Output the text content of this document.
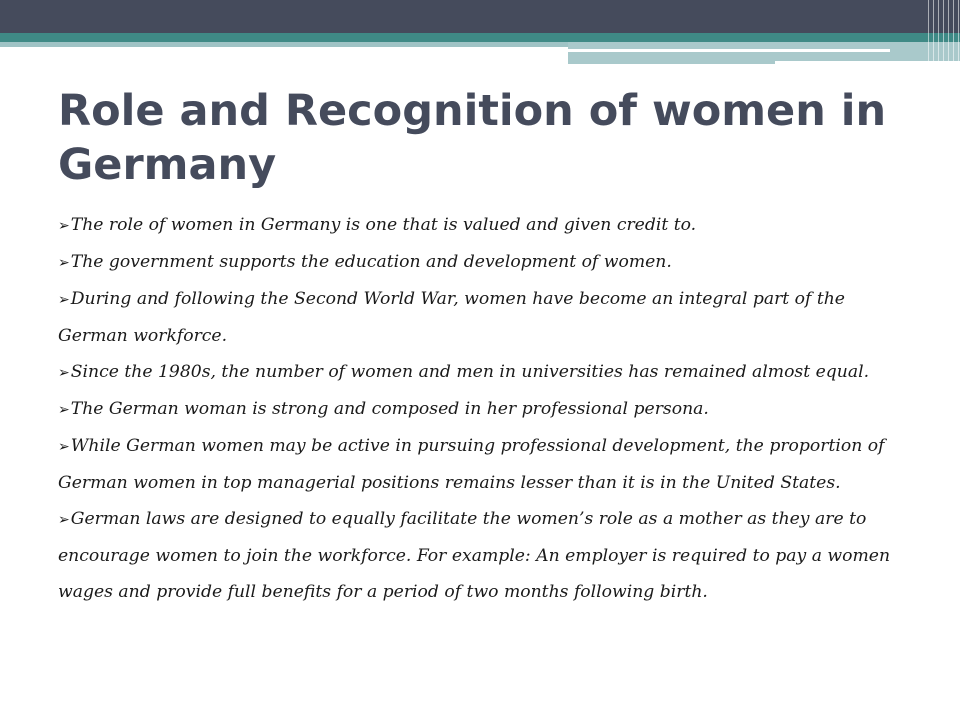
Role and Recognition of women in Germany
➢The role of women in Germany is one that is valued and given credit to.
➢The government supports the education and development of women.
➢During and following the Second World War, women have become an integral part of the German workforce.
➢Since the 1980s, the number of women and men in universities has remained almost equal.
➢The German woman is strong and composed in her professional persona.
➢While German women may be active in pursuing professional development, the proportion of German women in top managerial positions remains lesser than it is in the United States.
➢German laws are designed to equally facilitate the women’s role as a mother as they are to encourage women to join the workforce. For example: An employer is required to pay a women wages and provide full benefits for a period of two months following birth.
